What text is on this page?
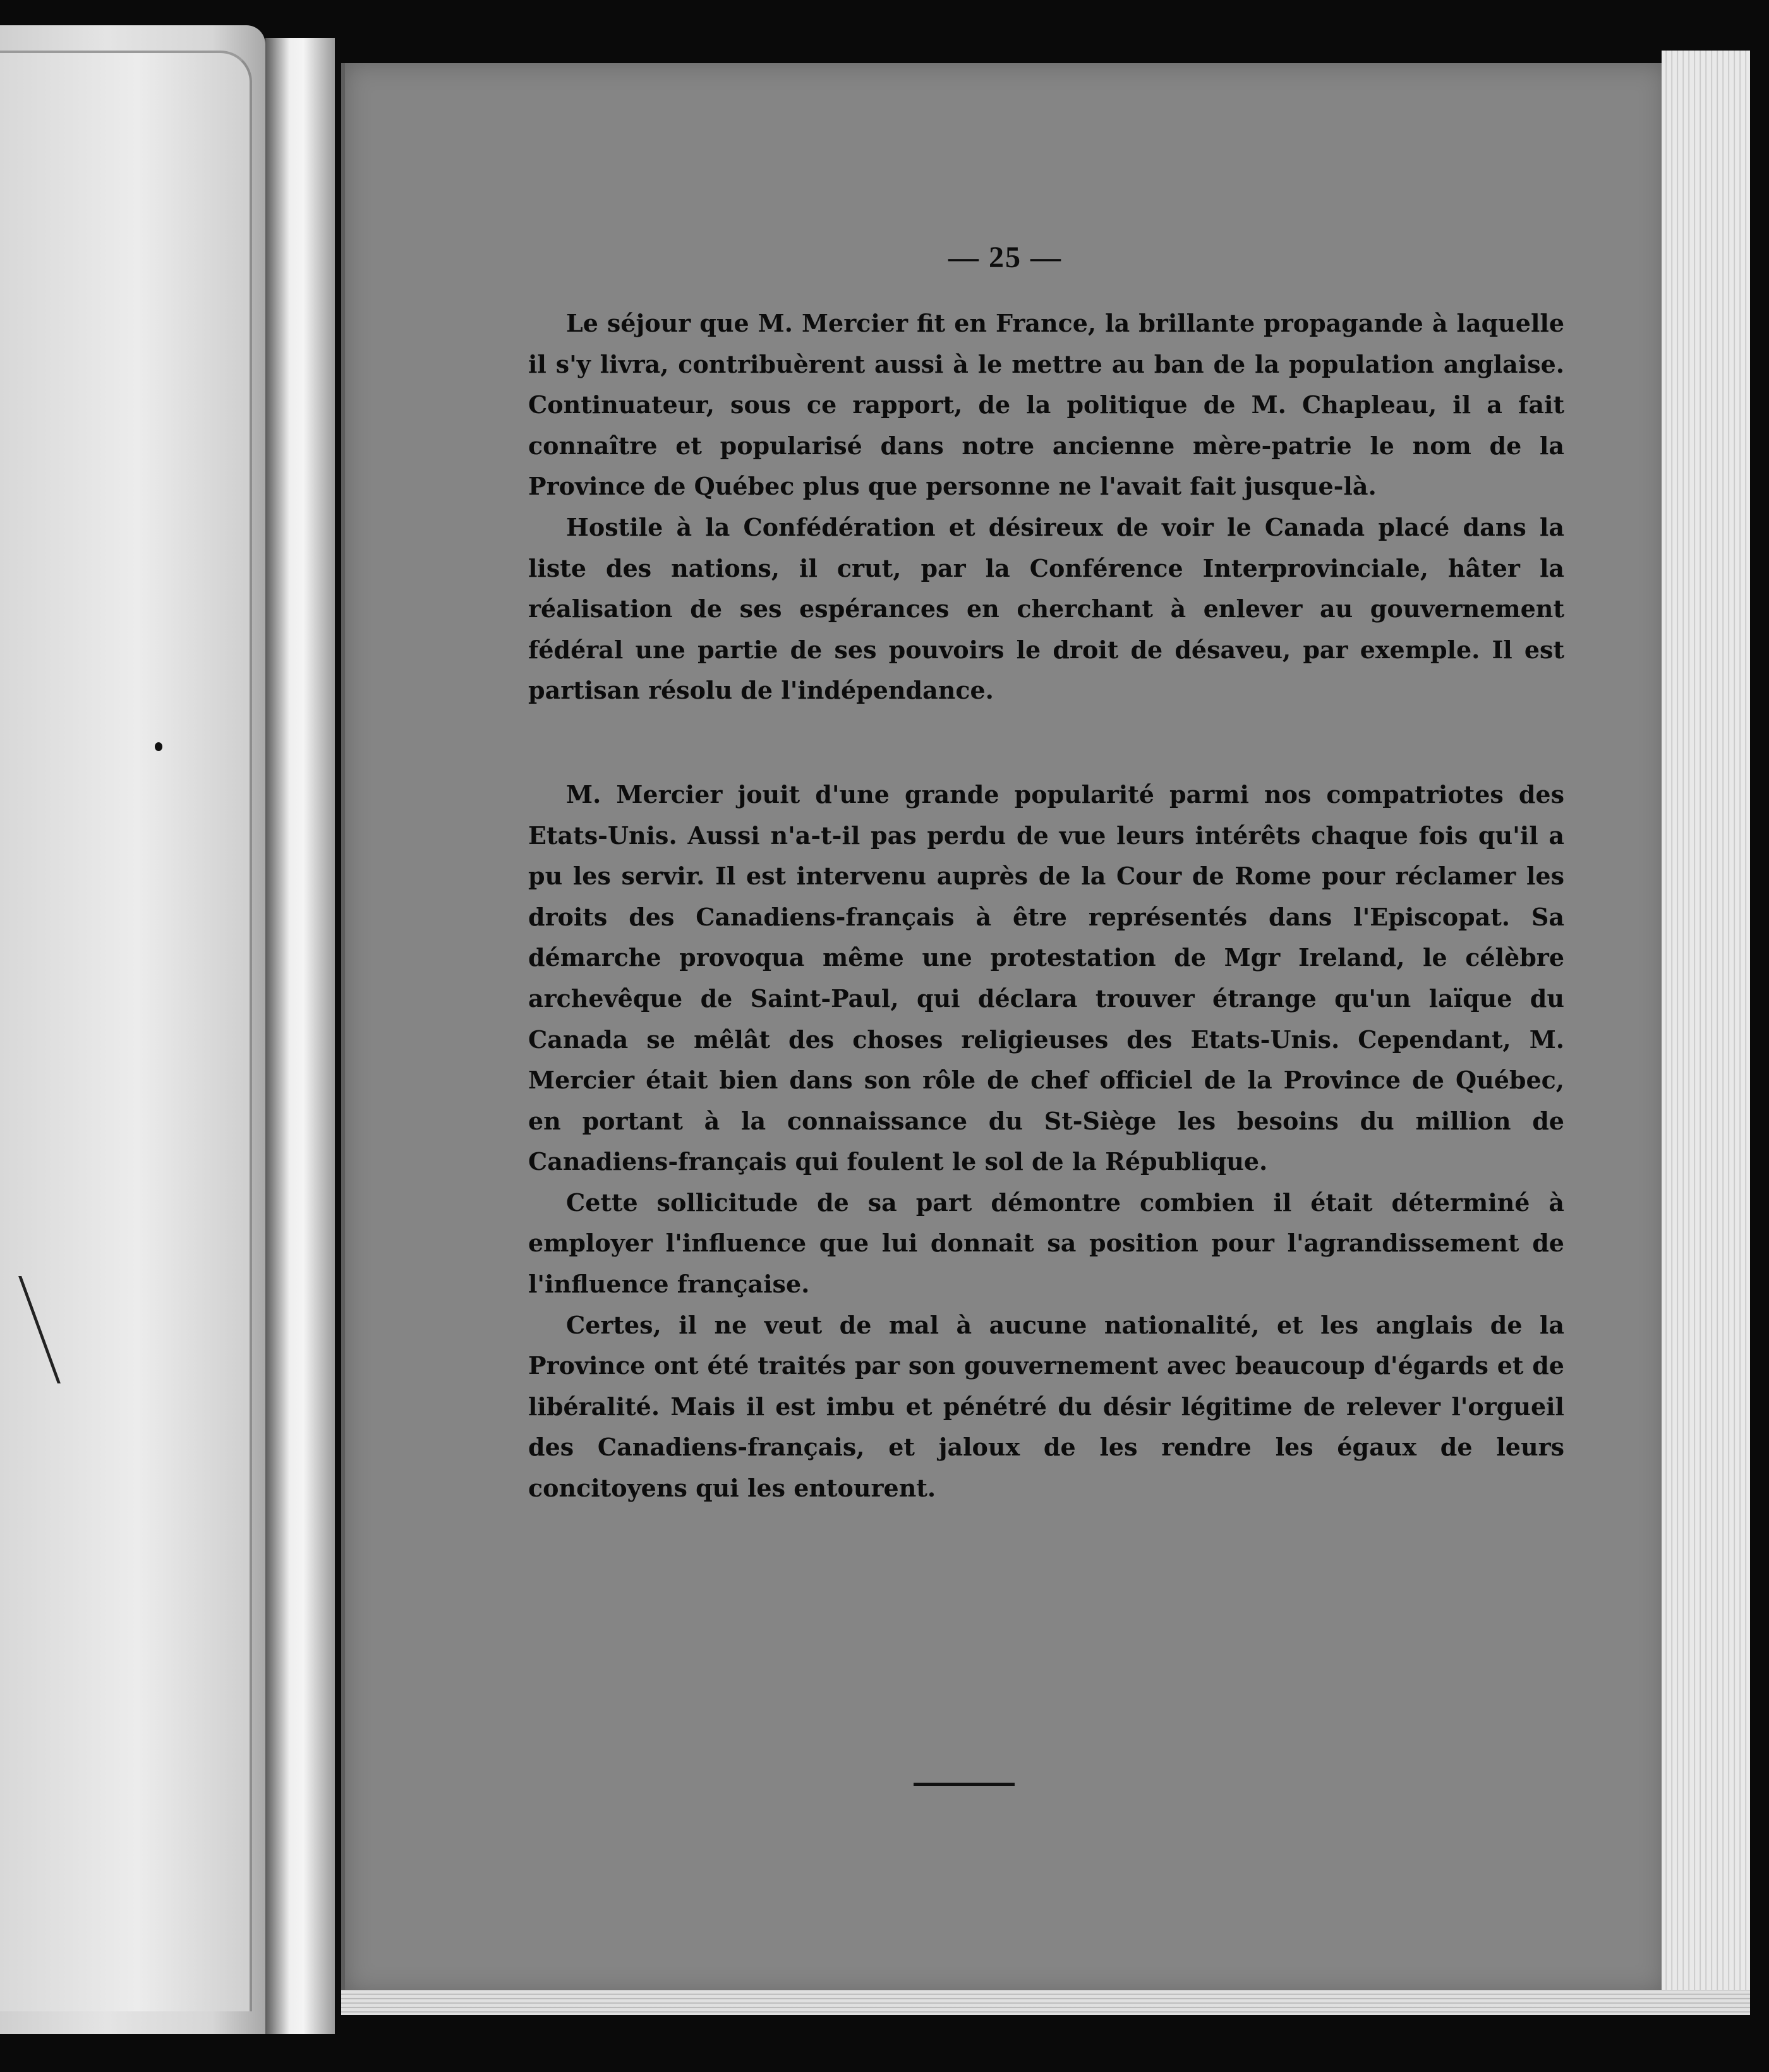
— 25 —

Le séjour que M. Mercier fit en France, la brillante propagande à laquelle il s'y livra, contribuèrent aussi à le mettre au ban de la population anglaise. Continuateur, sous ce rapport, de la politique de M. Chapleau, il a fait connaître et popularisé dans notre ancienne mère-patrie le nom de la Province de Québec plus que personne ne l'avait fait jusque-là.

Hostile à la Confédération et désireux de voir le Canada placé dans la liste des nations, il crut, par la Conférence Interprovinciale, hâter la réalisation de ses espérances en cherchant à enlever au gouvernement fédéral une partie de ses pouvoirs le droit de désaveu, par exemple. Il est partisan résolu de l'indépendance.

M. Mercier jouit d'une grande popularité parmi nos compatriotes des Etats-Unis. Aussi n'a-t-il pas perdu de vue leurs intérêts chaque fois qu'il a pu les servir. Il est intervenu auprès de la Cour de Rome pour réclamer les droits des Canadiens-français à être représentés dans l'Episcopat. Sa démarche provoqua même une protestation de Mgr Ireland, le célèbre archevêque de Saint-Paul, qui déclara trouver étrange qu'un laïque du Canada se mêlât des choses religieuses des Etats-Unis. Cependant, M. Mercier était bien dans son rôle de chef officiel de la Province de Québec, en portant à la connaissance du St-Siège les besoins du million de Canadiens-français qui foulent le sol de la République.

Cette sollicitude de sa part démontre combien il était déterminé à employer l'influence que lui donnait sa position pour l'agrandissement de l'influence française.

Certes, il ne veut de mal à aucune nationalité, et les anglais de la Province ont été traités par son gouvernement avec beaucoup d'égards et de libéralité. Mais il est imbu et pénétré du désir légitime de relever l'orgueil des Canadiens-français, et jaloux de les rendre les égaux de leurs concitoyens qui les entourent.
